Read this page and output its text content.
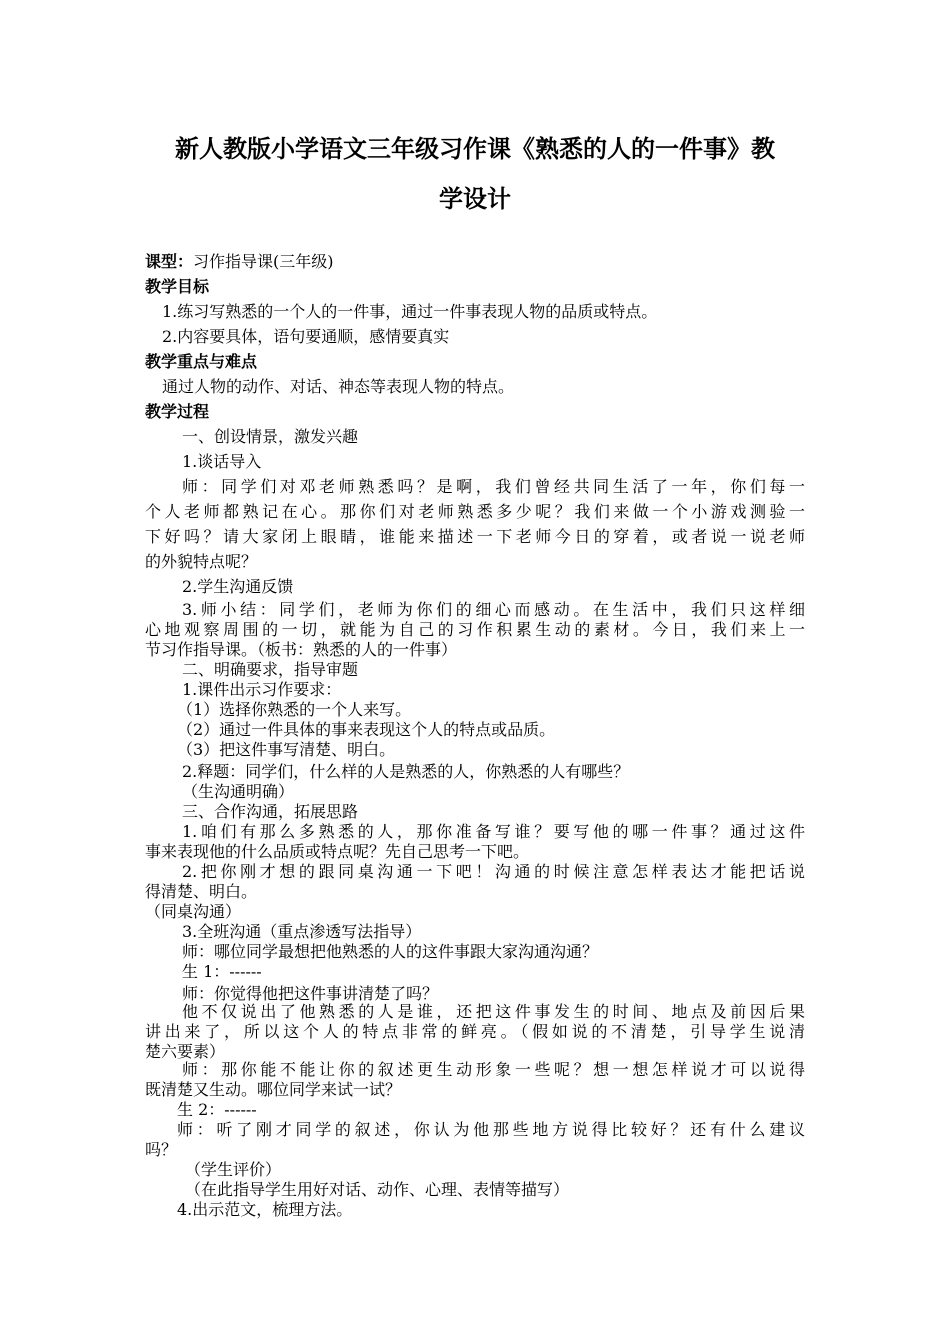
新人教版小学语文三年级习作课《熟悉的人的一件事》教
学设计
课型：习作指导课(三年级)
教学目标
1.练习写熟悉的一个人的一件事，通过一件事表现人物的品质或特点。
2.内容要具体，语句要通顺，感情要真实
教学重点与难点
通过人物的动作、对话、神态等表现人物的特点。
教学过程
一、创设情景，激发兴趣
1.谈话导入
师：同学们对邓老师熟悉吗？是啊，我们曾经共同生活了一年，你们每一
个人老师都熟记在心。那你们对老师熟悉多少呢？我们来做一个小游戏测验一
下好吗？请大家闭上眼睛，谁能来描述一下老师今日的穿着，或者说一说老师
的外貌特点呢？
2.学生沟通反馈
3.师小结：同学们，老师为你们的细心而感动。在生活中，我们只这样细
心地观察周围的一切，就能为自己的习作积累生动的素材。今日，我们来上一
节习作指导课。（板书：熟悉的人的一件事）
二、明确要求，指导审题
1.课件出示习作要求：
（1）选择你熟悉的一个人来写。
（2）通过一件具体的事来表现这个人的特点或品质。
（3）把这件事写清楚、明白。
2.释题：同学们，什么样的人是熟悉的人，你熟悉的人有哪些？
（生沟通明确）
三、合作沟通，拓展思路
1.咱们有那么多熟悉的人，那你准备写谁？要写他的哪一件事？通过这件
事来表现他的什么品质或特点呢？先自己思考一下吧。
2.把你刚才想的跟同桌沟通一下吧！沟通的时候注意怎样表达才能把话说
得清楚、明白。
（同桌沟通）
3.全班沟通（重点渗透写法指导）
师：哪位同学最想把他熟悉的人的这件事跟大家沟通沟通？
生 1：------
师：你觉得他把这件事讲清楚了吗？
他不仅说出了他熟悉的人是谁，还把这件事发生的时间、地点及前因后果
讲出来了，所以这个人的特点非常的鲜亮。（假如说的不清楚，引导学生说清
楚六要素）
师：那你能不能让你的叙述更生动形象一些呢？想一想怎样说才可以说得
既清楚又生动。哪位同学来试一试？
生 2：------
师：听了刚才同学的叙述，你认为他那些地方说得比较好？还有什么建议
吗？
（学生评价）
（在此指导学生用好对话、动作、心理、表情等描写）
4.出示范文，梳理方法。
